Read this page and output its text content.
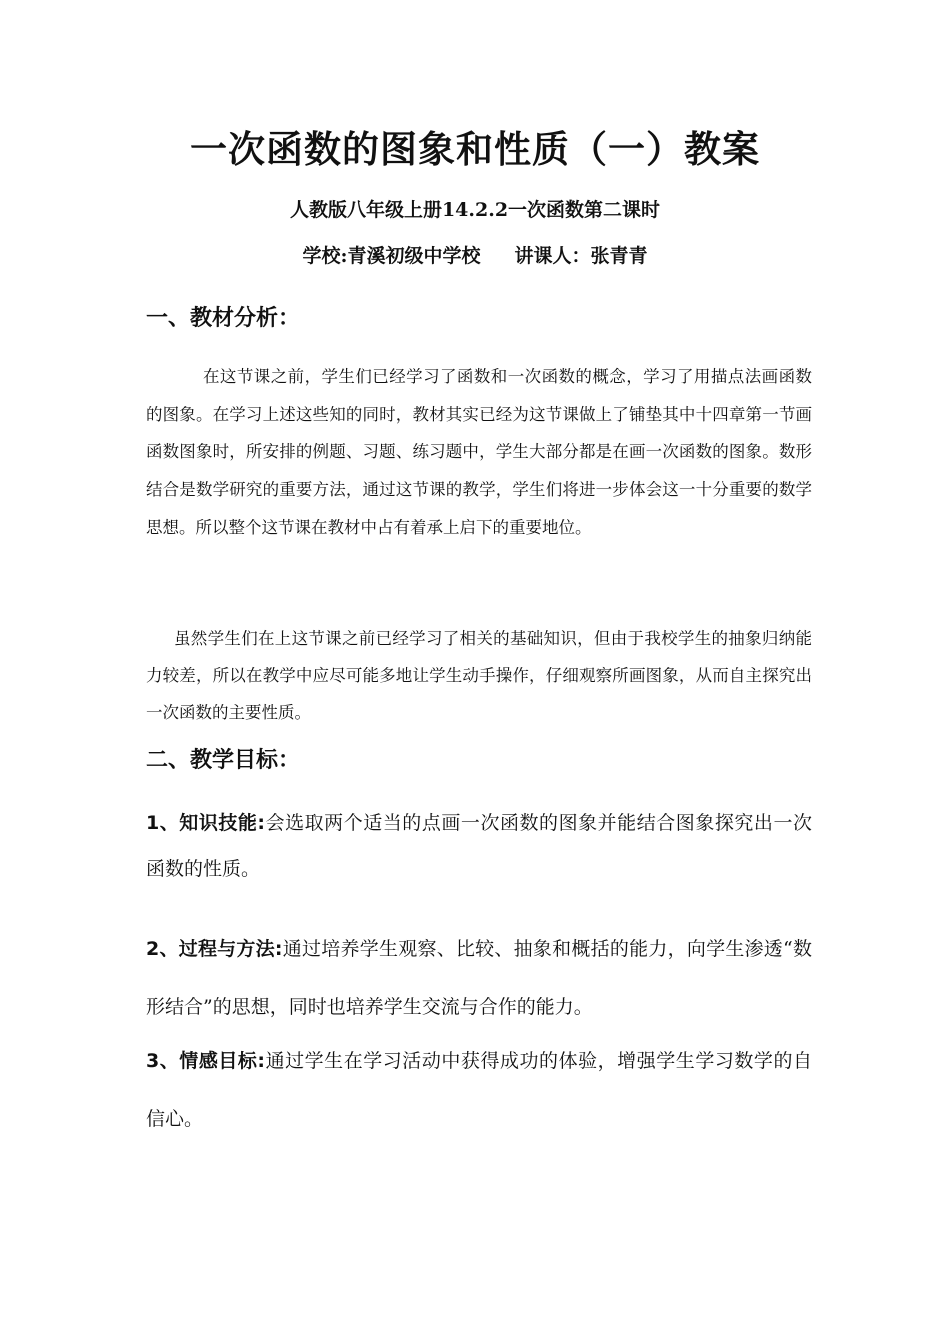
一次函数的图象和性质（一）教案

人教版八年级上册14.2.2一次函数第二课时

学校:青溪初级中学校 讲课人：张青青

一、教材分析：

在这节课之前，学生们已经学习了函数和一次函数的概念，学习了用描点法画函数的图象。在学习上述这些知的同时，教材其实已经为这节课做上了铺垫其中十四章第一节画函数图象时，所安排的例题、习题、练习题中，学生大部分都是在画一次函数的图象。数形结合是数学研究的重要方法，通过这节课的教学，学生们将进一步体会这一十分重要的数学思想。所以整个这节课在教材中占有着承上启下的重要地位。

虽然学生们在上这节课之前已经学习了相关的基础知识，但由于我校学生的抽象归纳能力较差，所以在教学中应尽可能多地让学生动手操作，仔细观察所画图象，从而自主探究出一次函数的主要性质。

二、教学目标：

1、知识技能:会选取两个适当的点画一次函数的图象并能结合图象探究出一次函数的性质。

2、过程与方法:通过培养学生观察、比较、抽象和概括的能力，向学生渗透“数形结合”的思想，同时也培养学生交流与合作的能力。

3、情感目标:通过学生在学习活动中获得成功的体验，增强学生学习数学的自信心。
